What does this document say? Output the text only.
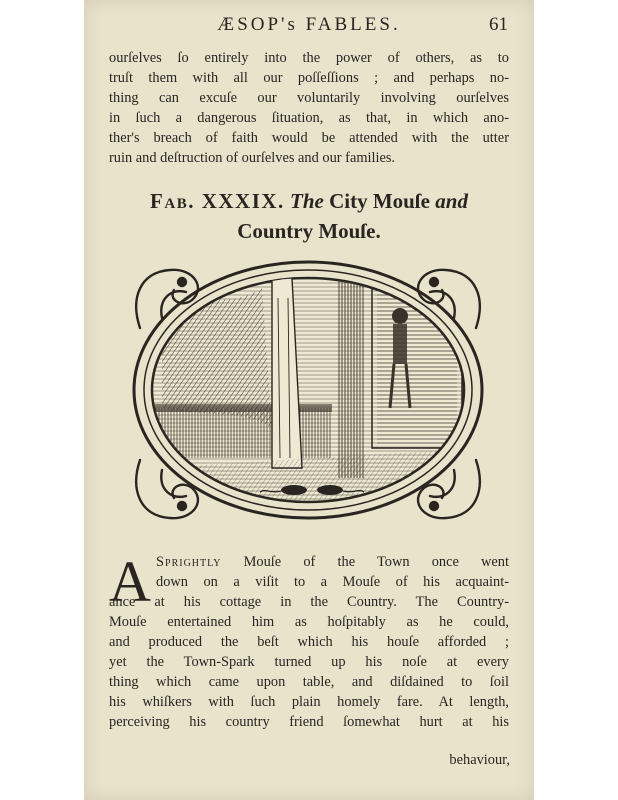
ÆSOP's FABLES.	61

ourſelves ſo entirely into the power of others, as to
truſt them with all our poſſeſſions ; and perhaps no-
thing can excuſe our voluntarily involving ourſelves
in ſuch a dangerous ſituation, as that, in which ano-
ther's breach of faith would be attended with the utter
ruin and deſtruction of ourſelves and our families.

Fab. XXXIX. The City Mouſe and
Country Mouſe.
A Sprightly Mouſe of the Town once went
down on a viſit to a Mouſe of his acquaint-
ance at his cottage in the Country. The Country-
Mouſe entertained him as hoſpitably as he could,
and produced the beſt which his houſe afforded ;
yet the Town-Spark turned up his noſe at every
thing which came upon table, and diſdained to ſoil
his whiſkers with ſuch plain homely fare. At length,
perceiving his country friend ſomewhat hurt at his

behaviour,
